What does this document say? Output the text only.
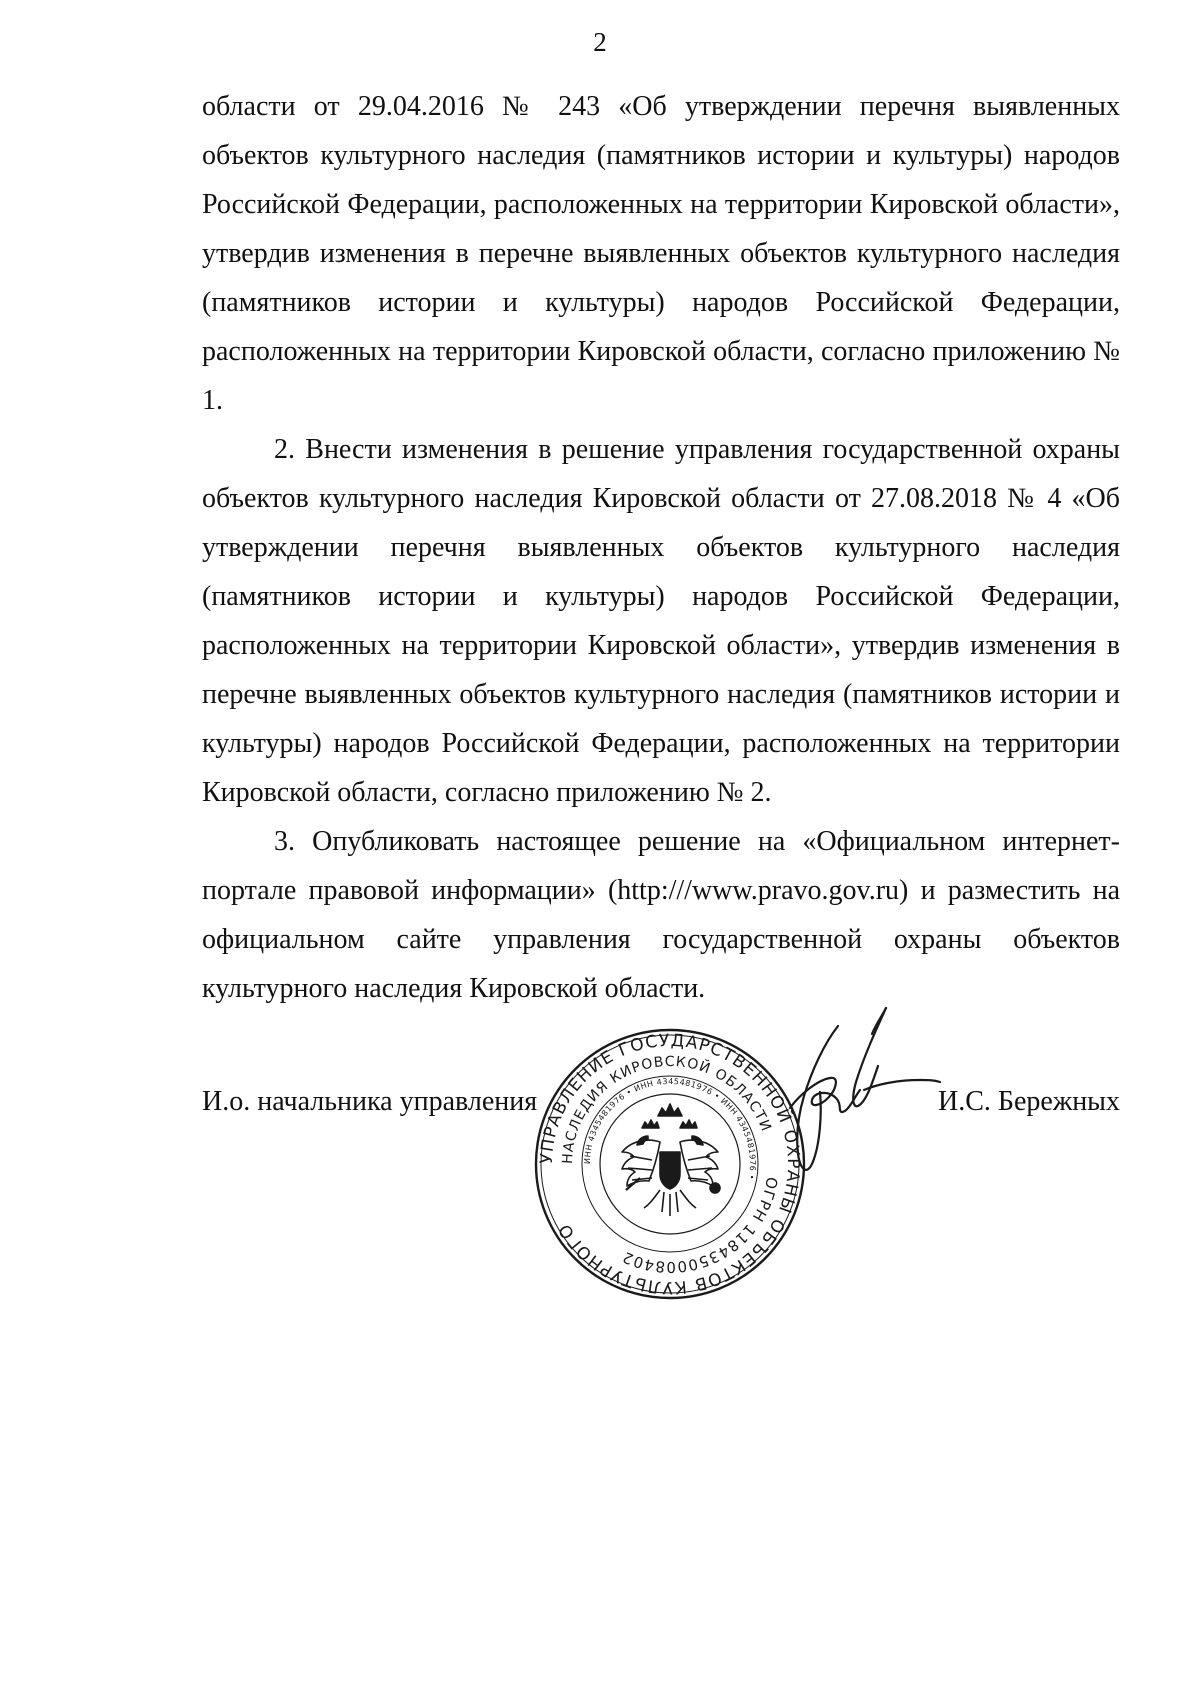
2

области от 29.04.2016 № 243 «Об утверждении перечня выявленных объектов культурного наследия (памятников истории и культуры) народов Российской Федерации, расположенных на территории Кировской области», утвердив изменения в перечне выявленных объектов культурного наследия (памятников истории и культуры) народов Российской Федерации, расположенных на территории Кировской области, согласно приложению № 1.

2. Внести изменения в решение управления государственной охраны объектов культурного наследия Кировской области от 27.08.2018 № 4 «Об утверждении перечня выявленных объектов культурного наследия (памятников истории и культуры) народов Российской Федерации, расположенных на территории Кировской области», утвердив изменения в перечне выявленных объектов культурного наследия (памятников истории и культуры) народов Российской Федерации, расположенных на территории Кировской области, согласно приложению № 2.

3. Опубликовать настоящее решение на «Официальном интернет-портале правовой информации» (http:///www.pravo.gov.ru) и разместить на официальном сайте управления государственной охраны объектов культурного наследия Кировской области.

И.о. начальника управления	И.С. Бережных
УПРАВЛЕНИЕ ГОСУДАРСТВЕННОЙ ОХРАНЫ ОБЪЕКТОВ КУЛЬТУРНОГО
НАСЛЕДИЯ КИРОВСКОЙ ОБЛАСТИ
ОГРН 1184350008402
ИНН 4345481976 • ИНН 4345481976 • ИНН 4345481976 •
